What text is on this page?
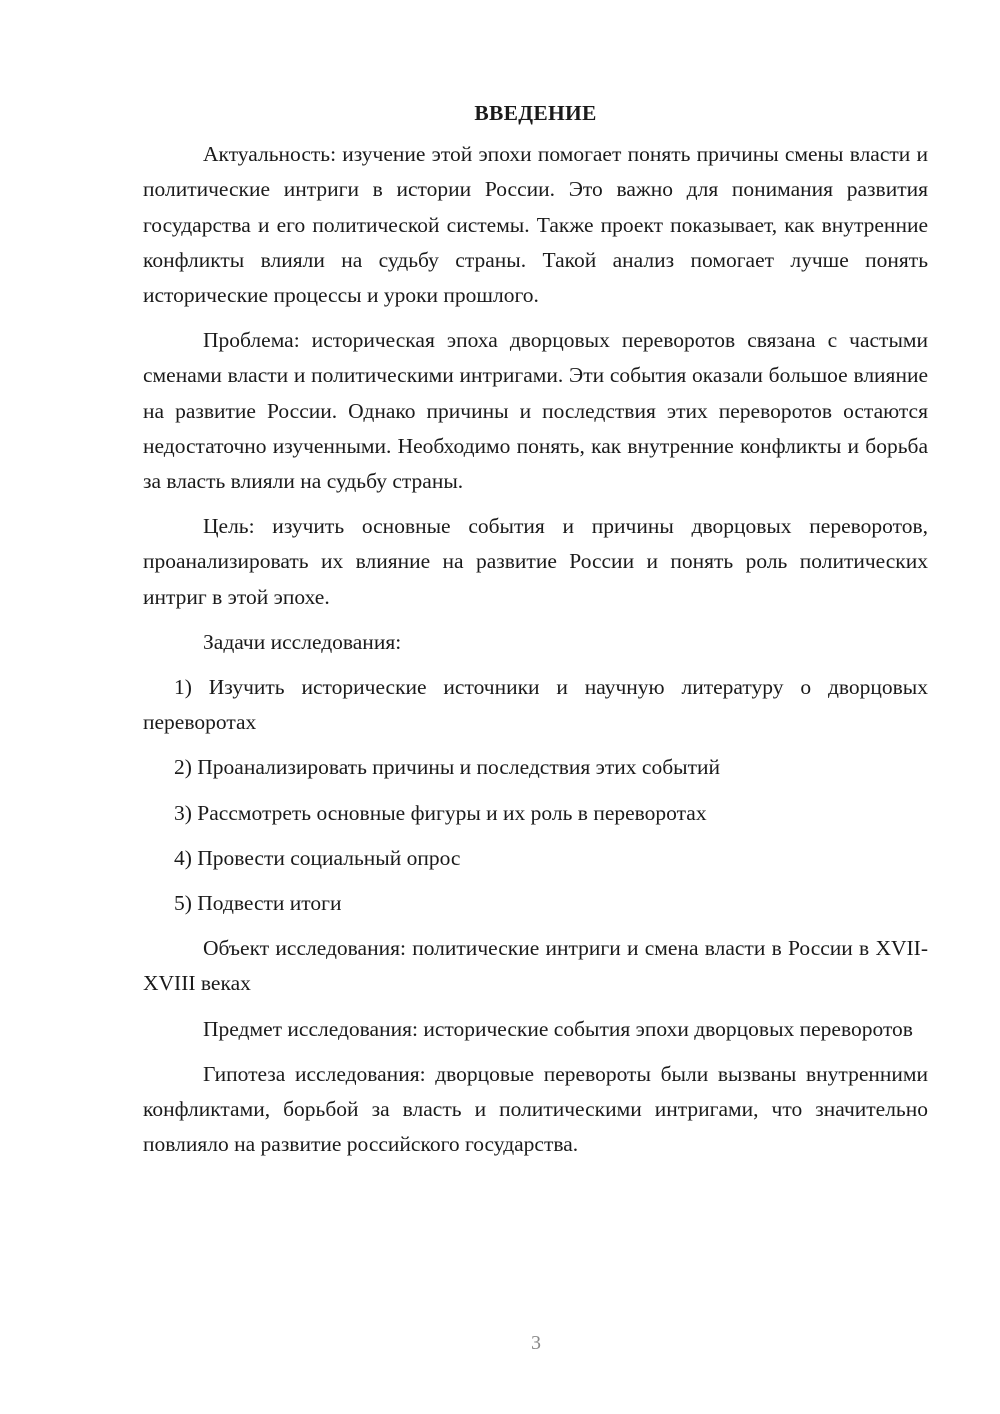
ВВЕДЕНИЕ

Актуальность: изучение этой эпохи помогает понять причины смены власти и политические интриги в истории России. Это важно для понимания развития государства и его политической системы. Также проект показывает, как внутренние конфликты влияли на судьбу страны. Такой анализ помогает лучше понять исторические процессы и уроки прошлого.

Проблема: историческая эпоха дворцовых переворотов связана с частыми сменами власти и политическими интригами. Эти события оказали большое влияние на развитие России. Однако причины и последствия этих переворотов остаются недостаточно изученными. Необходимо понять, как внутренние конфликты и борьба за власть влияли на судьбу страны.

Цель: изучить основные события и причины дворцовых переворотов, проанализировать их влияние на развитие России и понять роль политических интриг в этой эпохе.

Задачи исследования:

1) Изучить исторические источники и научную литературу о дворцовых переворотах

2) Проанализировать причины и последствия этих событий

3) Рассмотреть основные фигуры и их роль в переворотах

4) Провести социальный опрос

5) Подвести итоги

Объект исследования: политические интриги и смена власти в России в XVII-XVIII веках

Предмет исследования: исторические события эпохи дворцовых переворотов

Гипотеза исследования: дворцовые перевороты были вызваны внутренними конфликтами, борьбой за власть и политическими интригами, что значительно повлияло на развитие российского государства.

3
